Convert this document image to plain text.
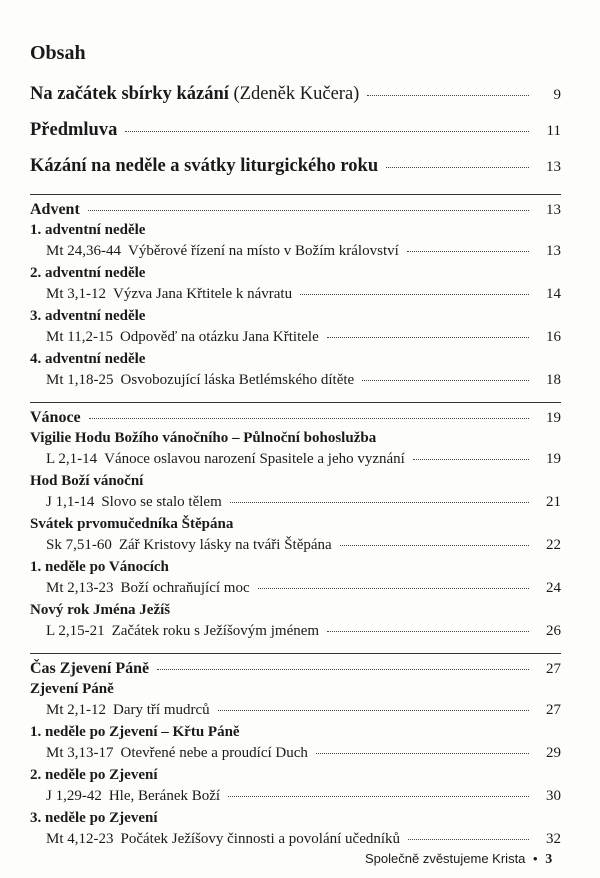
Obsah
Na začátek sbírky kázání (Zdeněk Kučera)	9
Předmluva	11
Kázání na neděle a svátky liturgického roku	13
Advent	13
1. adventní neděle
Mt 24,36-44 Výběrové řízení na místo v Božím království	13
2. adventní neděle
Mt 3,1-12 Výzva Jana Křtitele k návratu	14
3. adventní neděle
Mt 11,2-15 Odpověď na otázku Jana Křtitele	16
4. adventní neděle
Mt 1,18-25 Osvobozující láska Betlémského dítěte	18
Vánoce	19
Vigilie Hodu Božího vánočního – Půlnoční bohoslužba
L 2,1-14 Vánoce oslavou narození Spasitele a jeho vyznání	19
Hod Boží vánoční
J 1,1-14 Slovo se stalo tělem	21
Svátek prvomučedníka Štěpána
Sk 7,51-60 Zář Kristovy lásky na tváři Štěpána	22
1. neděle po Vánocích
Mt 2,13-23 Boží ochraňující moc	24
Nový rok Jména Ježíš
L 2,15-21 Začátek roku s Ježíšovým jménem	26
Čas Zjevení Páně	27
Zjevení Páně
Mt 2,1-12 Dary tří mudrců	27
1. neděle po Zjevení – Křtu Páně
Mt 3,13-17 Otevřené nebe a proudící Duch	29
2. neděle po Zjevení
J 1,29-42 Hle, Beránek Boží	30
3. neděle po Zjevení
Mt 4,12-23 Počátek Ježíšovy činnosti a povolání učedníků	32
Společně zvěstujeme Krista • 3
